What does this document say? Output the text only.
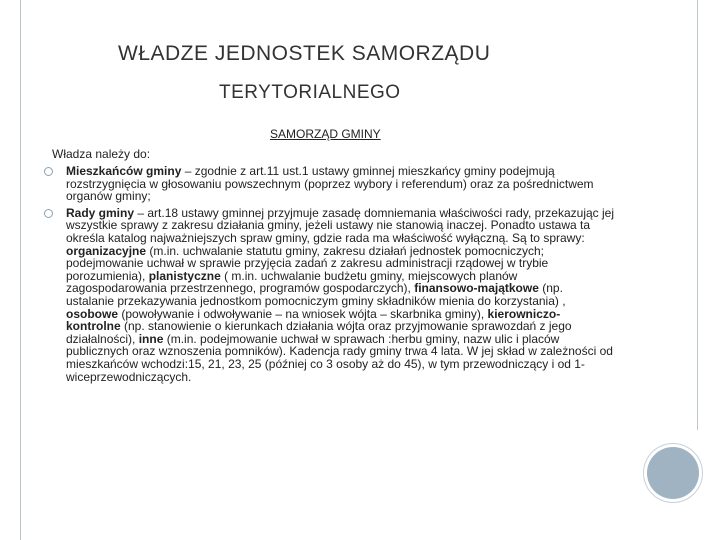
WŁADZE JEDNOSTEK SAMORZĄDU
TERYTORIALNEGO
SAMORZĄD GMINY
Władza należy do:
Mieszkańców gminy – zgodnie z art.11 ust.1 ustawy gminnej mieszkańcy gminy podejmują rozstrzygnięcia w głosowaniu powszechnym (poprzez wybory i referendum) oraz za pośrednictwem organów gminy;
Rady gminy – art.18 ustawy gminnej przyjmuje zasadę domniemania właściwości rady, przekazując jej wszystkie sprawy z zakresu działania gminy, jeżeli ustawy nie stanowią inaczej. Ponadto ustawa ta określa katalog najważniejszych spraw gminy, gdzie rada ma właściwość wyłączną. Są to sprawy: organizacyjne (m.in. uchwalanie statutu gminy, zakresu działań jednostek pomocniczych; podejmowanie uchwał w sprawie przyjęcia zadań z zakresu administracji rządowej w trybie porozumienia), planistyczne ( m.in. uchwalanie budżetu gminy, miejscowych planów zagospodarowania przestrzennego, programów gospodarczych), finansowo-majątkowe (np. ustalanie przekazywania jednostkom pomocniczym gminy składników mienia do korzystania) , osobowe (powoływanie i odwoływanie – na wniosek wójta – skarbnika gminy), kierowniczo-kontrolne (np. stanowienie o kierunkach działania wójta oraz przyjmowanie sprawozdań z jego działalności), inne (m.in. podejmowanie uchwał w sprawach :herbu gminy, nazw ulic i placów publicznych oraz wznoszenia pomników). Kadencja rady gminy trwa 4 lata. W jej skład w zależności od mieszkańców wchodzi:15, 21, 23, 25 (później co 3 osoby aż do 45), w tym przewodniczący i od 1- wiceprzewodniczących.
